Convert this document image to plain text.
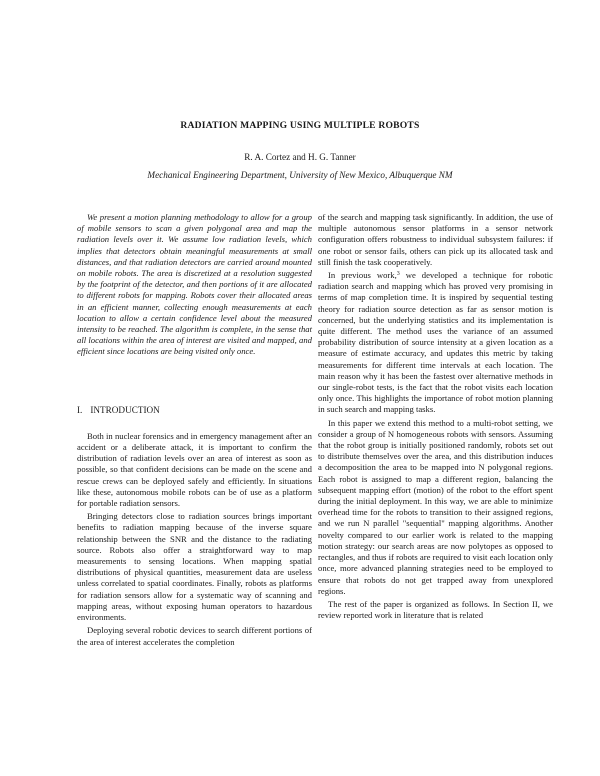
RADIATION MAPPING USING MULTIPLE ROBOTS

R. A. Cortez and H. G. Tanner

Mechanical Engineering Department, University of New Mexico, Albuquerque NM

We present a motion planning methodology to allow for a group of mobile sensors to scan a given polygonal area and map the radiation levels over it. We assume low radiation levels, which implies that detectors obtain meaningful measurements at small distances, and that radiation detectors are carried around mounted on mobile robots. The area is discretized at a resolution suggested by the footprint of the detector, and then portions of it are allocated to different robots for mapping. Robots cover their allocated areas in an efficient manner, collecting enough measurements at each location to allow a certain confidence level about the measured intensity to be reached. The algorithm is complete, in the sense that all locations within the area of interest are visited and mapped, and efficient since locations are being visited only once.

I. INTRODUCTION

Both in nuclear forensics and in emergency management after an accident or a deliberate attack, it is important to confirm the distribution of radiation levels over an area of interest as soon as possible, so that confident decisions can be made on the scene and rescue crews can be deployed safely and efficiently. In situations like these, autonomous mobile robots can be of use as a platform for portable radiation sensors.

Bringing detectors close to radiation sources brings important benefits to radiation mapping because of the inverse square relationship between the SNR and the distance to the radiating source. Robots also offer a straightforward way to map measurements to sensing locations. When mapping spatial distributions of physical quantities, measurement data are useless unless correlated to spatial coordinates. Finally, robots as platforms for radiation sensors allow for a systematic way of scanning and mapping areas, without exposing human operators to hazardous environments.

Deploying several robotic devices to search different portions of the area of interest accelerates the completion

of the search and mapping task significantly. In addition, the use of multiple autonomous sensor platforms in a sensor network configuration offers robustness to individual subsystem failures: if one robot or sensor fails, others can pick up its allocated task and still finish the task cooperatively.

In previous work,$^3$ we developed a technique for robotic radiation search and mapping which has proved very promising in terms of map completion time. It is inspired by sequential testing theory for radiation source detection as far as sensor motion is concerned, but the underlying statistics and its implementation is quite different. The method uses the variance of an assumed probability distribution of source intensity at a given location as a measure of estimate accuracy, and updates this metric by taking measurements for different time intervals at each location. The main reason why it has been the fastest over alternative methods in our single-robot tests, is the fact that the robot visits each location only once. This highlights the importance of robot motion planning in such search and mapping tasks.

In this paper we extend this method to a multi-robot setting, we consider a group of N homogeneous robots with sensors. Assuming that the robot group is initially positioned randomly, robots set out to distribute themselves over the area, and this distribution induces a decomposition the area to be mapped into N polygonal regions. Each robot is assigned to map a different region, balancing the subsequent mapping effort (motion) of the robot to the effort spent during the initial deployment. In this way, we are able to minimize overhead time for the robots to transition to their assigned regions, and we run N parallel "sequential" mapping algorithms. Another novelty compared to our earlier work is related to the mapping motion strategy: our search areas are now polytopes as opposed to rectangles, and thus if robots are required to visit each location only once, more advanced planning strategies need to be employed to ensure that robots do not get trapped away from unexplored regions.

The rest of the paper is organized as follows. In Section II, we review reported work in literature that is related
